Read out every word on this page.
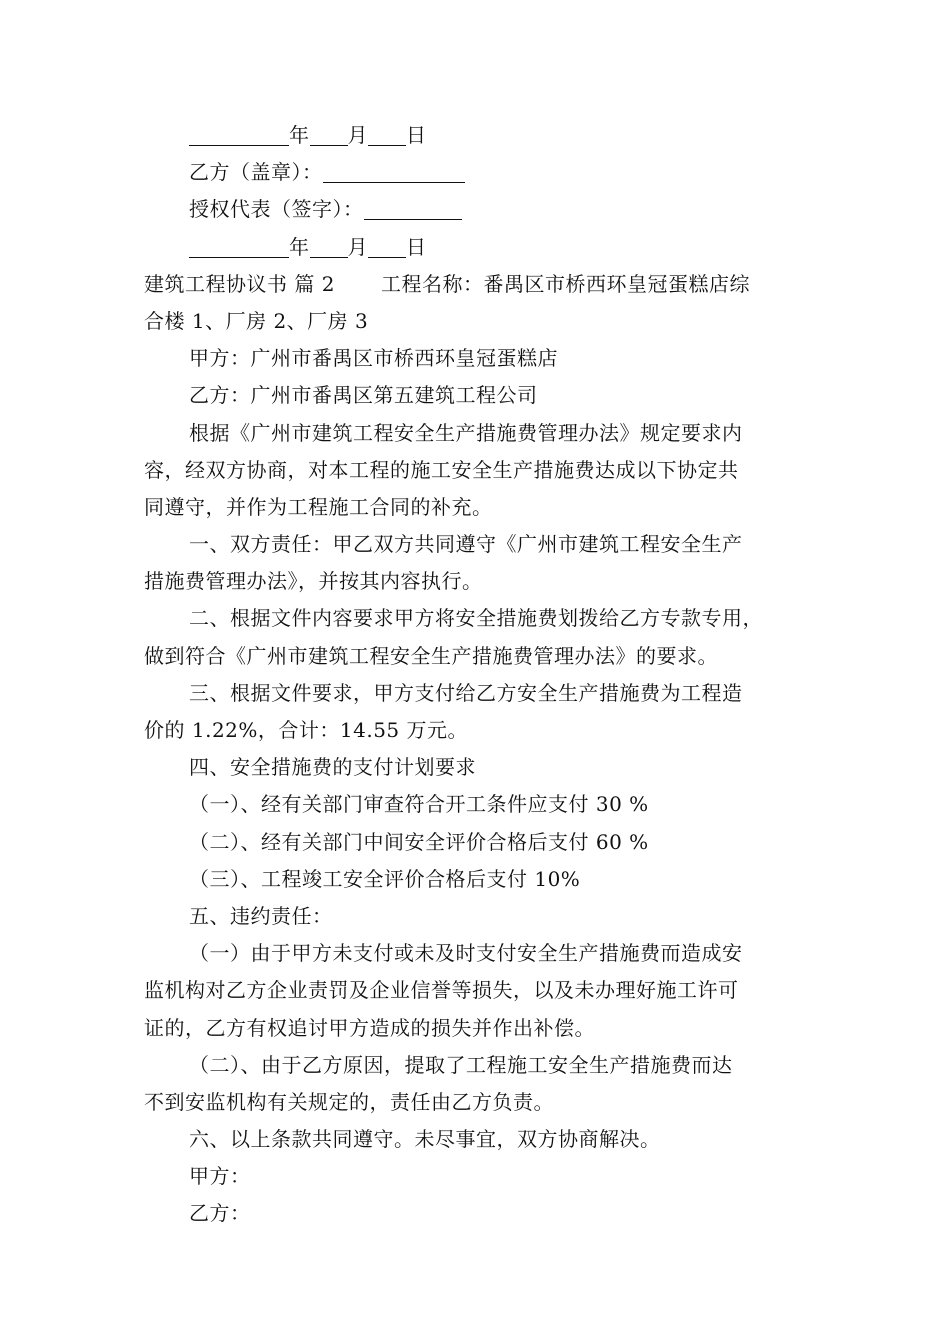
年 月 日
乙方（盖章）：
授权代表（签字）：
年 月 日
建筑工程协议书 篇 2 工程名称：番禺区市桥西环皇冠蛋糕店综
合楼 1、厂房 2、厂房 3
甲方：广州市番禺区市桥西环皇冠蛋糕店
乙方：广州市番禺区第五建筑工程公司
根据《广州市建筑工程安全生产措施费管理办法》规定要求内
容，经双方协商，对本工程的施工安全生产措施费达成以下协定共
同遵守，并作为工程施工合同的补充。
一、双方责任：甲乙双方共同遵守《广州市建筑工程安全生产
措施费管理办法》，并按其内容执行。
二、根据文件内容要求甲方将安全措施费划拨给乙方专款专用，
做到符合《广州市建筑工程安全生产措施费管理办法》的要求。
三、根据文件要求，甲方支付给乙方安全生产措施费为工程造
价的 1.22%，合计：14.55 万元。
四、安全措施费的支付计划要求
（一）、经有关部门审查符合开工条件应支付 30 %
（二）、经有关部门中间安全评价合格后支付 60 %
（三）、工程竣工安全评价合格后支付 10%
五、违约责任：
（一）由于甲方未支付或未及时支付安全生产措施费而造成安
监机构对乙方企业责罚及企业信誉等损失，以及未办理好施工许可
证的，乙方有权追讨甲方造成的损失并作出补偿。
（二）、由于乙方原因，提取了工程施工安全生产措施费而达
不到安监机构有关规定的，责任由乙方负责。
六、以上条款共同遵守。未尽事宜，双方协商解决。
甲方：
乙方：
